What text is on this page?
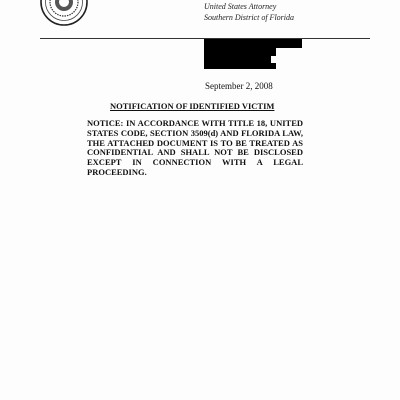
United States Attorney
Southern District of Florida
September 2, 2008
NOTIFICATION OF IDENTIFIED VICTIM
NOTICE: IN ACCORDANCE WITH TITLE 18, UNITED STATES CODE, SECTION 3509(d) AND FLORIDA LAW, THE ATTACHED DOCUMENT IS TO BE TREATED AS CONFIDENTIAL AND SHALL NOT BE DISCLOSED EXCEPT IN CONNECTION WITH A LEGAL PROCEEDING.
